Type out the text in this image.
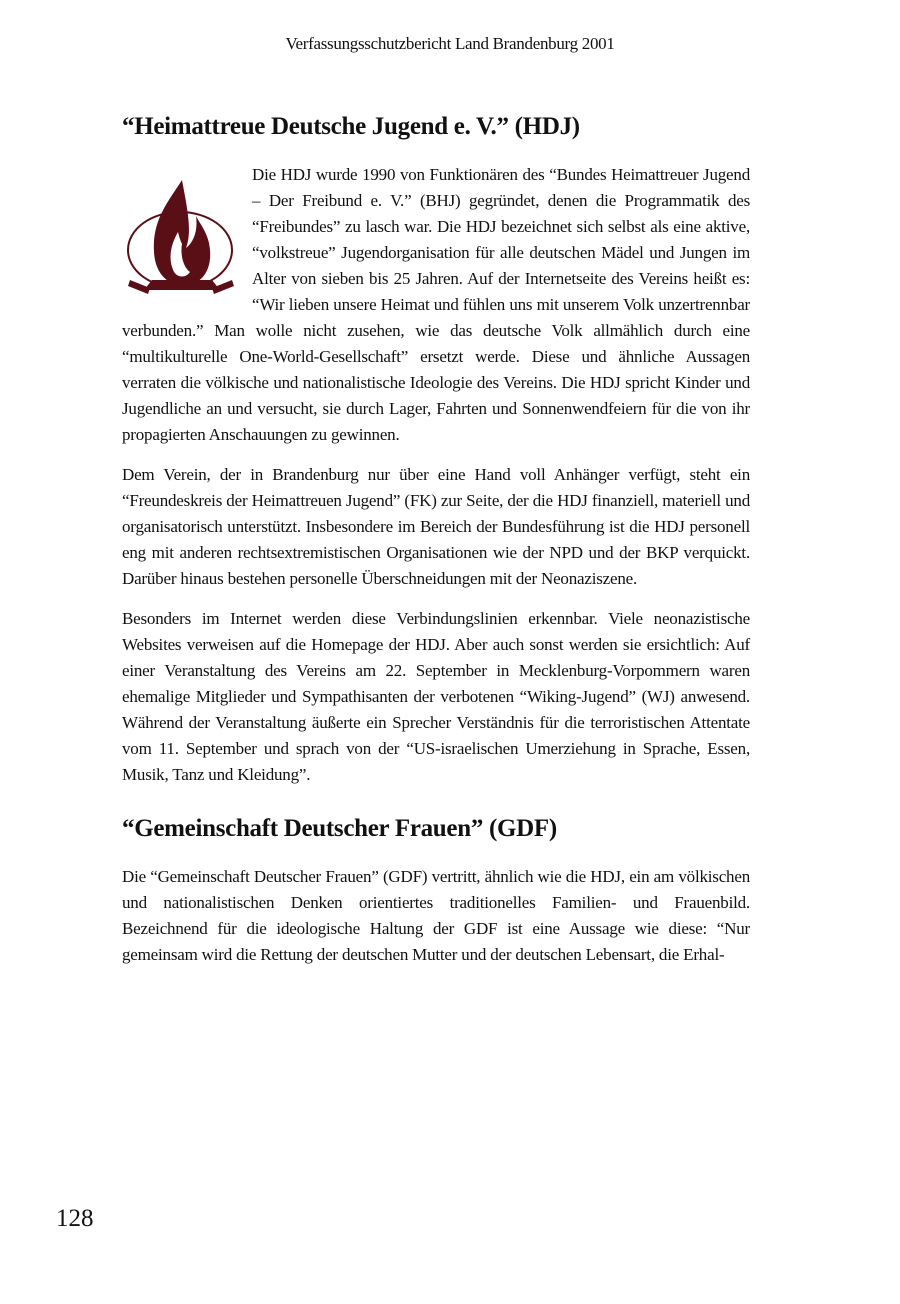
Verfassungsschutzbericht Land Brandenburg 2001
“Heimattreue Deutsche Jugend e. V.” (HDJ)

Die HDJ wurde 1990 von Funktionären des “Bundes Heimattreuer Jugend – Der Freibund e. V.” (BHJ) gegründet, denen die Programmatik des “Freibundes” zu lasch war. Die HDJ bezeichnet sich selbst als eine aktive, “volkstreue” Jugendorganisation für alle deutschen Mädel und Jungen im Alter von sieben bis 25 Jahren. Auf der Internetseite des Vereins heißt es: “Wir lieben unsere Heimat und fühlen uns mit unserem Volk unzertrennbar verbunden.” Man wolle nicht zusehen, wie das deutsche Volk allmählich durch eine “multikulturelle One-World-Gesellschaft” ersetzt werde. Diese und ähnliche Aussagen verraten die völkische und nationalistische Ideologie des Vereins. Die HDJ spricht Kinder und Jugendliche an und versucht, sie durch Lager, Fahrten und Sonnenwendfeiern für die von ihr propagierten Anschauungen zu gewinnen.

Dem Verein, der in Brandenburg nur über eine Hand voll Anhänger verfügt, steht ein “Freundeskreis der Heimattreuen Jugend” (FK) zur Seite, der die HDJ finanziell, materiell und organisatorisch unterstützt. Insbesondere im Bereich der Bundesführung ist die HDJ personell eng mit anderen rechtsextremistischen Organisationen wie der NPD und der BKP verquickt. Darüber hinaus bestehen personelle Überschneidungen mit der Neonaziszene.

Besonders im Internet werden diese Verbindungslinien erkennbar. Viele neonazistische Websites verweisen auf die Homepage der HDJ. Aber auch sonst werden sie ersichtlich: Auf einer Veranstaltung des Vereins am 22. September in Mecklenburg-Vorpommern waren ehemalige Mitglieder und Sympathisanten der verbotenen “Wiking-Jugend” (WJ) anwesend. Während der Veranstaltung äußerte ein Sprecher Verständnis für die terroristischen Attentate vom 11. September und sprach von der “US-israelischen Umerziehung in Sprache, Essen, Musik, Tanz und Kleidung”.

“Gemeinschaft Deutscher Frauen” (GDF)

Die “Gemeinschaft Deutscher Frauen” (GDF) vertritt, ähnlich wie die HDJ, ein am völkischen und nationalistischen Denken orientiertes traditionelles Familien- und Frauenbild. Bezeichnend für die ideologische Haltung der GDF ist eine Aussage wie diese: “Nur gemeinsam wird die Rettung der deutschen Mutter und der deutschen Lebensart, die Erhal-

128
